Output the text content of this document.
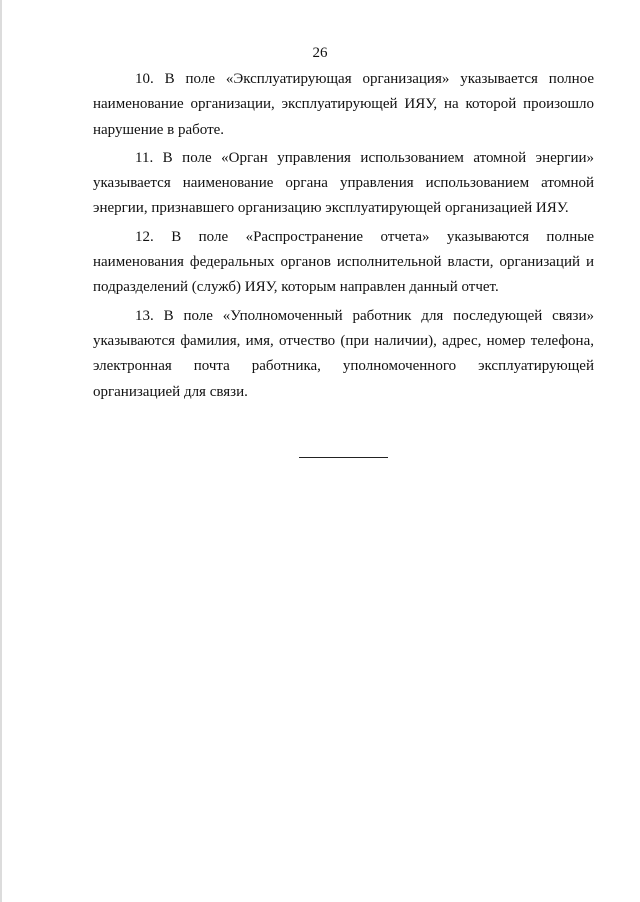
26

10. В поле «Эксплуатирующая организация» указывается полное наименование организации, эксплуатирующей ИЯУ, на которой произошло нарушение в работе.

11. В поле «Орган управления использованием атомной энергии» указывается наименование органа управления использованием атомной энергии, признавшего организацию эксплуатирующей организацией ИЯУ.

12. В поле «Распространение отчета» указываются полные наименования федеральных органов исполнительной власти, организаций и подразделений (служб) ИЯУ, которым направлен данный отчет.

13. В поле «Уполномоченный работник для последующей связи» указываются фамилия, имя, отчество (при наличии), адрес, номер телефона, электронная почта работника, уполномоченного эксплуатирующей

организацией для связи.
